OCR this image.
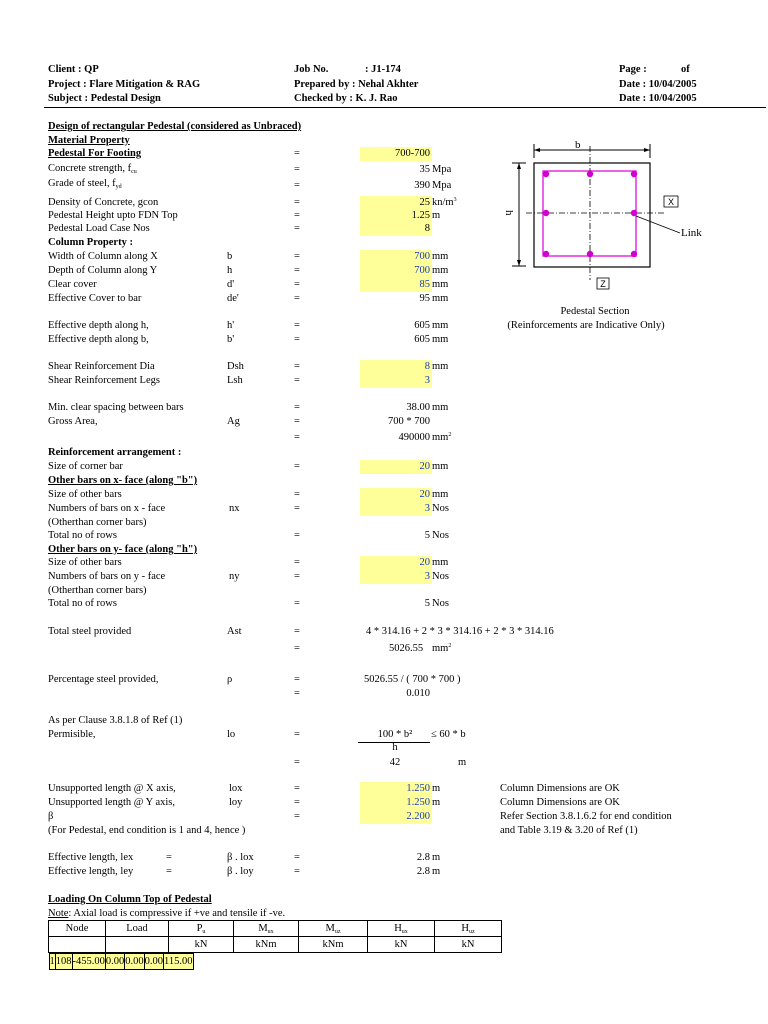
Client : QP
Project : Flare Mitigation & RAG
Subject : Pedestal Design
Job No.	: J1-174
Prepared by : Nehal Akhter
Checked by : K. J. Rao
Page :	of
Date : 10/04/2005
Date : 10/04/2005
Design of rectangular Pedestal (considered as Unbraced)
Material Property
Pedestal For Footing	=	700-700
Concrete strength, $f_{cu}$	=	35 Mpa
Grade of steel, $f_{yd}$	=	390 Mpa
Density of Concrete, gcon	=	25 $kn/m^3$
Pedestal Height upto FDN Top	=	1.25 m
Pedestal Load Case Nos	=	8
Column Property :
Width of Column along X	b	=	700 mm
Depth of Column along Y	h	=	700 mm
Clear cover	d'	=	85 mm
Effective Cover to bar	de'	=	95 mm
Effective depth along h,	h'	=	605 mm
Effective depth along b,	b'	=	605 mm
Shear Reinforcement Dia	Dsh	=	8 mm
Shear Reinforcement Legs	Lsh	=	3
Min. clear spacing between bars	=	38.00 mm
Gross Area,	Ag	=	700 * 700
=	490000 $mm^2$
Reinforcement arrangement :
Size of corner bar	=	20 mm
Other bars on x- face (along "b")
Size of other bars	=	20 mm
Numbers of bars on x - face	nx	=	3 Nos
(Otherthan corner bars)
Total no of rows	=	5 Nos
Other bars on y- face (along "h")
Size of other bars	=	20 mm
Numbers of bars on y - face	ny	=	3 Nos
(Otherthan corner bars)
Total no of rows	=	5 Nos
Total steel provided	Ast	=	4 * 314.16 + 2 * 3 * 314.16 + 2 * 3 * 314.16
=	5026.55 $mm^2$
Percentage steel provided,	ρ	=	5026.55 / ( 700 * 700 )
=	0.010
As per Clause 3.8.1.8 of Ref (1)
Permisible,	lo	=	100 * b²
h
≤ 60 * b
=	42	m
Unsupported length @ X axis,	lox	=	1.250 m	Column Dimensions are OK
Unsupported length @ Y axis,	loy	=	1.250 m	Column Dimensions are OK
β	=	2.200	Refer Section 3.8.1.6.2 for end condition
(For Pedestal, end condition is 1 and 4, hence )	and Table 3.19 & 3.20 of Ref (1)
Effective length, lex	=	β . lox	=	2.8 m
Effective length, ley	=	β . loy	=	2.8 m
Loading On Column Top of Pedestal
Note: Axial load is compressive if +ve and tensile if -ve.
Node	Load	$P_u$	$M_{ux}$	$M_{uz}$	$H_{ux}$	$H_{uz}$
		kN	kNm	kNm	kN	kN

1	108	-455.00	0.00	0.00	0.00	115.00
X
Z
b
h
Link
Pedestal Section
(Reinforcements are Indicative Only)
